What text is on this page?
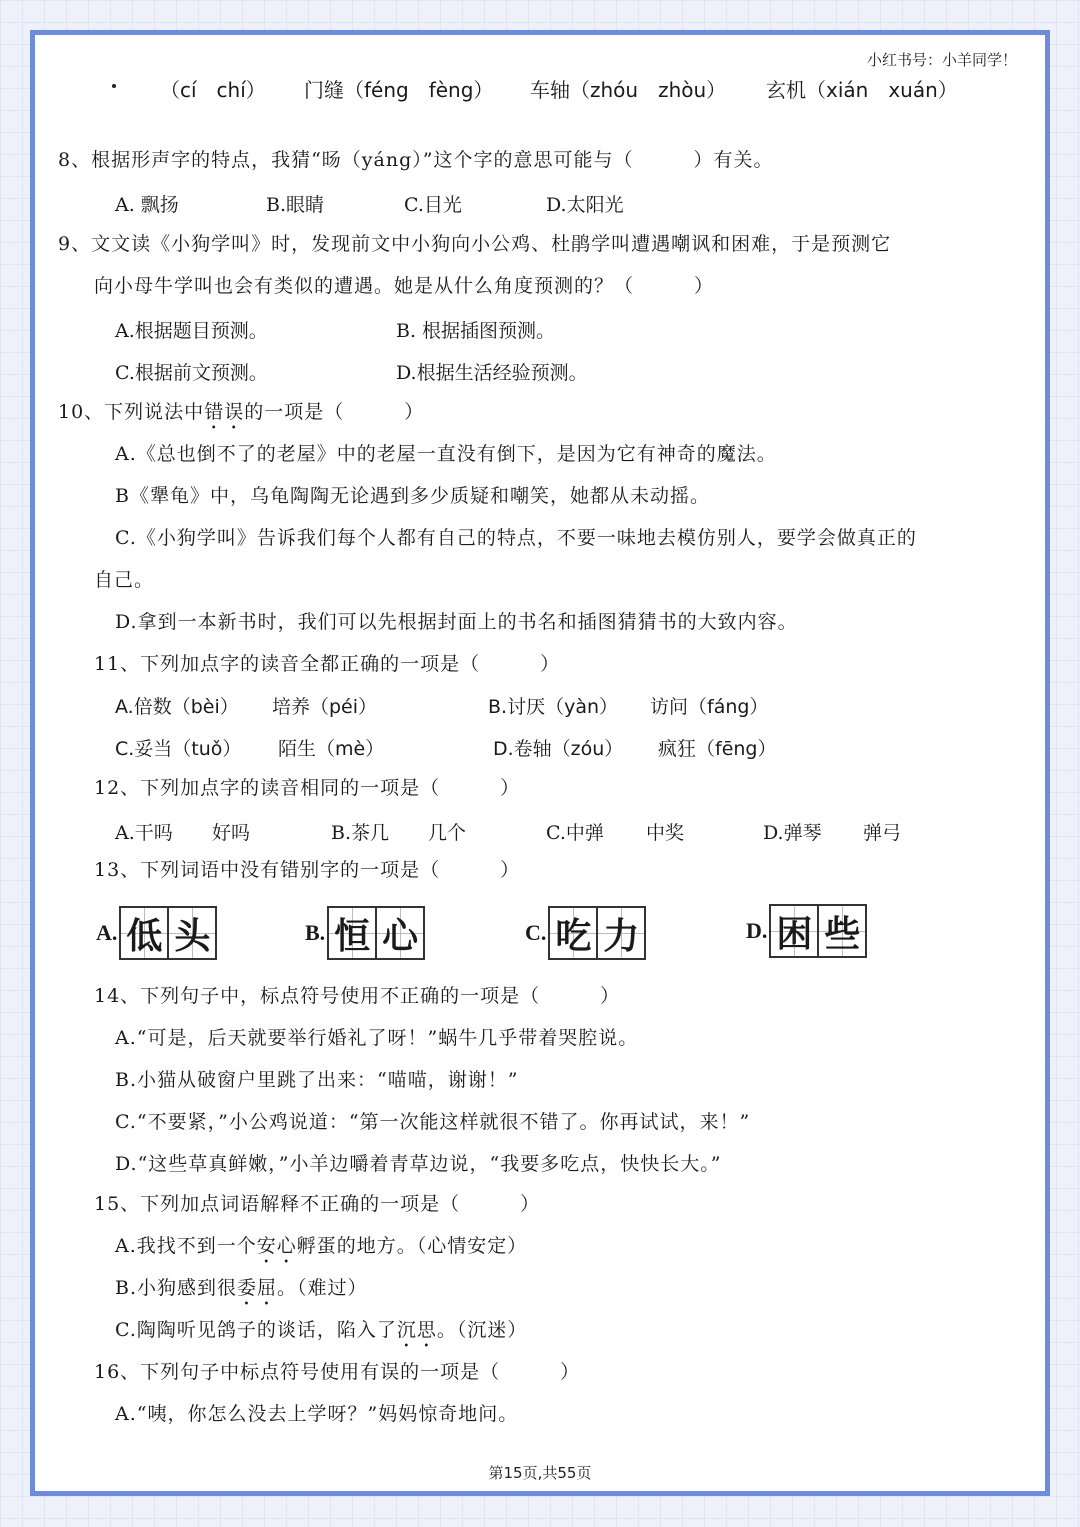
小红书号：小羊同学！
（cí　chí） 门缝（féng　fèng） 车轴（zhóu　zhòu） 玄机（xián　xuán）
8、根据形声字的特点，我猜“旸（yáng）”这个字的意思可能与（　　　）有关。
A. 飘扬	B.眼睛	C.目光	D.太阳光
9、文文读《小狗学叫》时，发现前文中小狗向小公鸡、杜鹃学叫遭遇嘲讽和困难，于是预测它
向小母牛学叫也会有类似的遭遇。她是从什么角度预测的？（　　　）
A.根据题目预测。	B. 根据插图预测。
C.根据前文预测。	D.根据生活经验预测。
10、下列说法中错误的一项是（　　　）
A.《总也倒不了的老屋》中的老屋一直没有倒下，是因为它有神奇的魔法。
B《犟龟》中，乌龟陶陶无论遇到多少质疑和嘲笑，她都从未动摇。
C.《小狗学叫》告诉我们每个人都有自己的特点，不要一味地去模仿别人，要学会做真正的
自己。
D.拿到一本新书时，我们可以先根据封面上的书名和插图猜猜书的大致内容。
11、下列加点字的读音全都正确的一项是（　　　）
A.倍数（bèi） 培养（péi）	B.讨厌（yàn） 访问（fáng）
C.妥当（tuǒ） 陌生（mè）	D.卷轴（zóu） 疯狂（fēng）
12、下列加点字的读音相同的一项是（　　　）
A.干吗 好吗	B.茶几 几个	C.中弹 中奖	D.弹琴 弹弓
13、下列词语中没有错别字的一项是（　　　）
A. 低 头	B. 恒 心	C. 吃 力	D. 困 些
14、下列句子中，标点符号使用不正确的一项是（　　　）
A.“可是，后天就要举行婚礼了呀！”蜗牛几乎带着哭腔说。
B.小猫从破窗户里跳了出来：“喵喵，谢谢！”
C.“不要紧，”小公鸡说道：“第一次能这样就很不错了。你再试试，来！”
D.“这些草真鲜嫩，”小羊边嚼着青草边说，“我要多吃点，快快长大。”
15、下列加点词语解释不正确的一项是（　　　）
A.我找不到一个安心孵蛋的地方。（心情安定）
B.小狗感到很委屈。（难过）
C.陶陶听见鸽子的谈话，陷入了沉思。（沉迷）
16、下列句子中标点符号使用有误的一项是（　　　）
A.“咦，你怎么没去上学呀？”妈妈惊奇地问。
第15页,共55页
